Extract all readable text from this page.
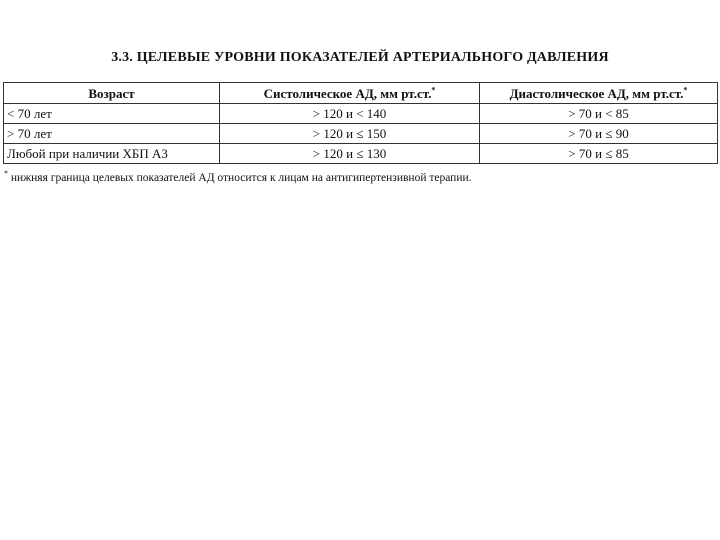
3.3. ЦЕЛЕВЫЕ УРОВНИ ПОКАЗАТЕЛЕЙ АРТЕРИАЛЬНОГО ДАВЛЕНИЯ
Возраст	Систолическое АД, мм рт.ст.*	Диастолическое АД, мм рт.ст.*
< 70 лет	> 120 и < 140	> 70 и < 85
> 70 лет	> 120 и ≤ 150	> 70 и ≤ 90
Любой при наличии ХБП А3	> 120 и ≤ 130	> 70 и ≤ 85
* нижняя граница целевых показателей АД относится к лицам на антигипертензивной терапии.
